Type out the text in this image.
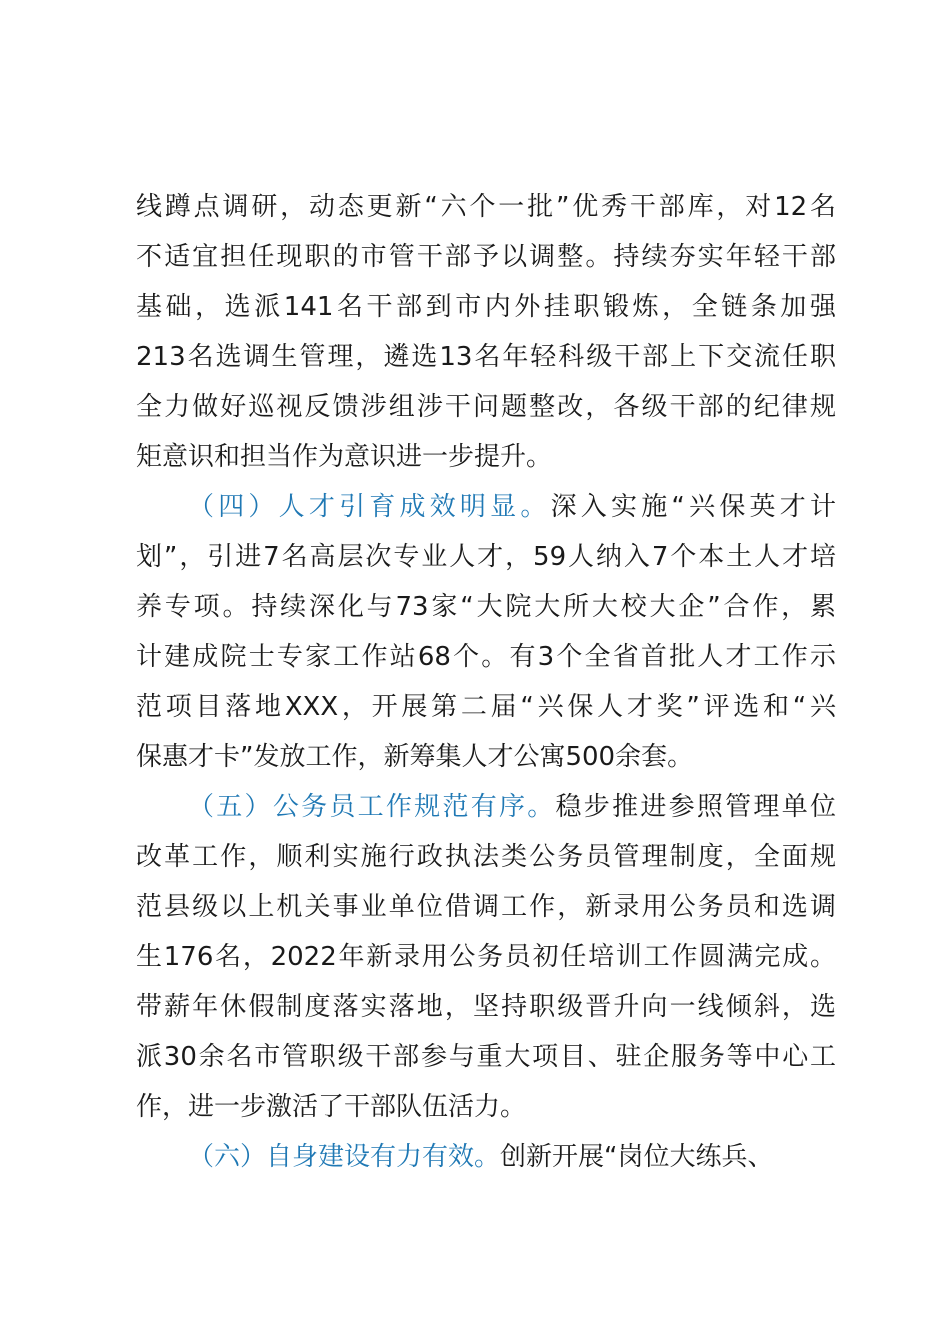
线蹲点调研，动态更新“六个一批”优秀干部库，对12名
不适宜担任现职的市管干部予以调整。持续夯实年轻干部
基础，选派141名干部到市内外挂职锻炼，全链条加强
213名选调生管理，遴选13名年轻科级干部上下交流任职
全力做好巡视反馈涉组涉干问题整改，各级干部的纪律规
矩意识和担当作为意识进一步提升。
（四）人才引育成效明显。深入实施“兴保英才计
划”，引进7名高层次专业人才，59人纳入7个本土人才培
养专项。持续深化与73家“大院大所大校大企”合作，累
计建成院士专家工作站68个。有3个全省首批人才工作示
范项目落地XXX，开展第二届“兴保人才奖”评选和“兴
保惠才卡”发放工作，新筹集人才公寓500余套。
（五）公务员工作规范有序。稳步推进参照管理单位
改革工作，顺利实施行政执法类公务员管理制度，全面规
范县级以上机关事业单位借调工作，新录用公务员和选调
生176名，2022年新录用公务员初任培训工作圆满完成。
带薪年休假制度落实落地，坚持职级晋升向一线倾斜，选
派30余名市管职级干部参与重大项目、驻企服务等中心工
作，进一步激活了干部队伍活力。
（六）自身建设有力有效。创新开展“岗位大练兵、
